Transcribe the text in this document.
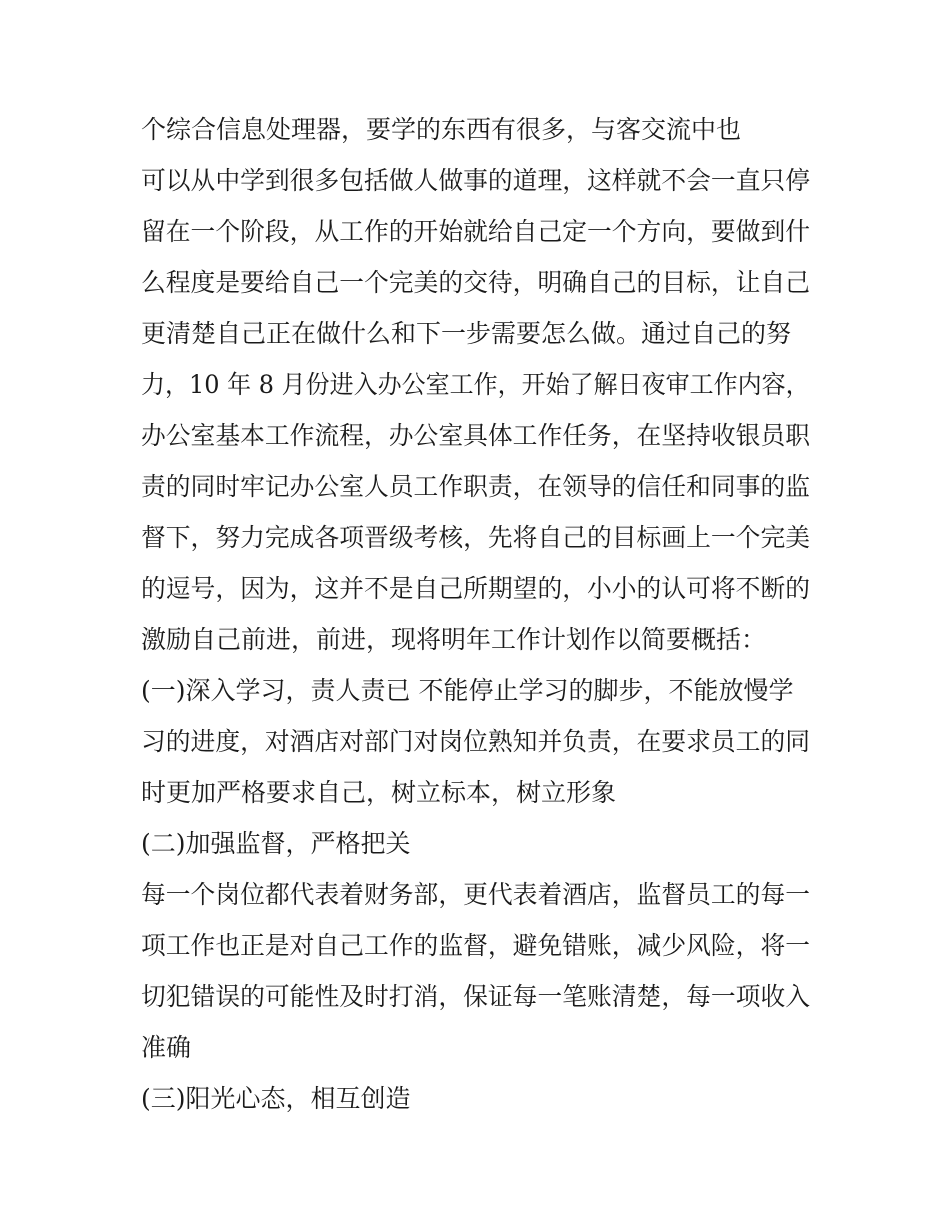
个综合信息处理器，要学的东西有很多，与客交流中也
可以从中学到很多包括做人做事的道理，这样就不会一直只停
留在一个阶段，从工作的开始就给自己定一个方向，要做到什
么程度是要给自己一个完美的交待，明确自己的目标，让自己
更清楚自己正在做什么和下一步需要怎么做。通过自己的努
力，10 年 8 月份进入办公室工作，开始了解日夜审工作内容，
办公室基本工作流程，办公室具体工作任务，在坚持收银员职
责的同时牢记办公室人员工作职责，在领导的信任和同事的监
督下，努力完成各项晋级考核，先将自己的目标画上一个完美
的逗号，因为，这并不是自己所期望的，小小的认可将不断的
激励自己前进，前进，现将明年工作计划作以简要概括：
(一)深入学习，责人责已 不能停止学习的脚步，不能放慢学
习的进度，对酒店对部门对岗位熟知并负责，在要求员工的同
时更加严格要求自己，树立标本，树立形象
(二)加强监督，严格把关
每一个岗位都代表着财务部，更代表着酒店，监督员工的每一
项工作也正是对自己工作的监督，避免错账，减少风险，将一
切犯错误的可能性及时打消，保证每一笔账清楚，每一项收入
准确
(三)阳光心态，相互创造
